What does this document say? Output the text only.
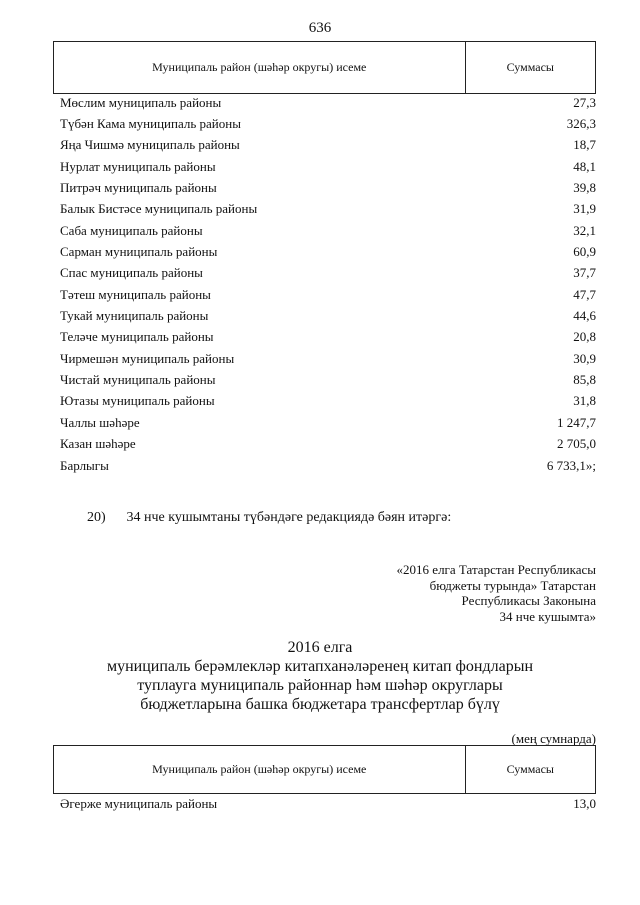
636
Муниципаль район (шәһәр округы) исеме	Суммасы
Мөслим муниципаль районы	27,3
Түбән Кама муниципаль районы	326,3
Яңа Чишмә муниципаль районы	18,7
Нурлат муниципаль районы	48,1
Питрәч муниципаль районы	39,8
Балык Бистәсе муниципаль районы	31,9
Саба муниципаль районы	32,1
Сарман муниципаль районы	60,9
Спас муниципаль районы	37,7
Тәтеш муниципаль районы	47,7
Тукай муниципаль районы	44,6
Теләче муниципаль районы	20,8
Чирмешән муниципаль районы	30,9
Чистай муниципаль районы	85,8
Ютазы муниципаль районы	31,8
Чаллы шәһәре	1 247,7
Казан шәһәре	2 705,0
Барлыгы	6 733,1»;
20) 34 нче кушымтаны түбәндәге редакциядә бәян итәргә:
«2016 елга Татарстан Республикасы
бюджеты турында» Татарстан
Республикасы Законына
34 нче кушымта»
2016 елга
муниципаль берәмлекләр китапханәләренең китап фондларын
туплауга муниципаль районнар һәм шәһәр округлары
бюджетларына башка бюджетара трансфертлар бүлү
(мең сумнарда)
Муниципаль район (шәһәр округы) исеме	Суммасы
Әгерже муниципаль районы	13,0
